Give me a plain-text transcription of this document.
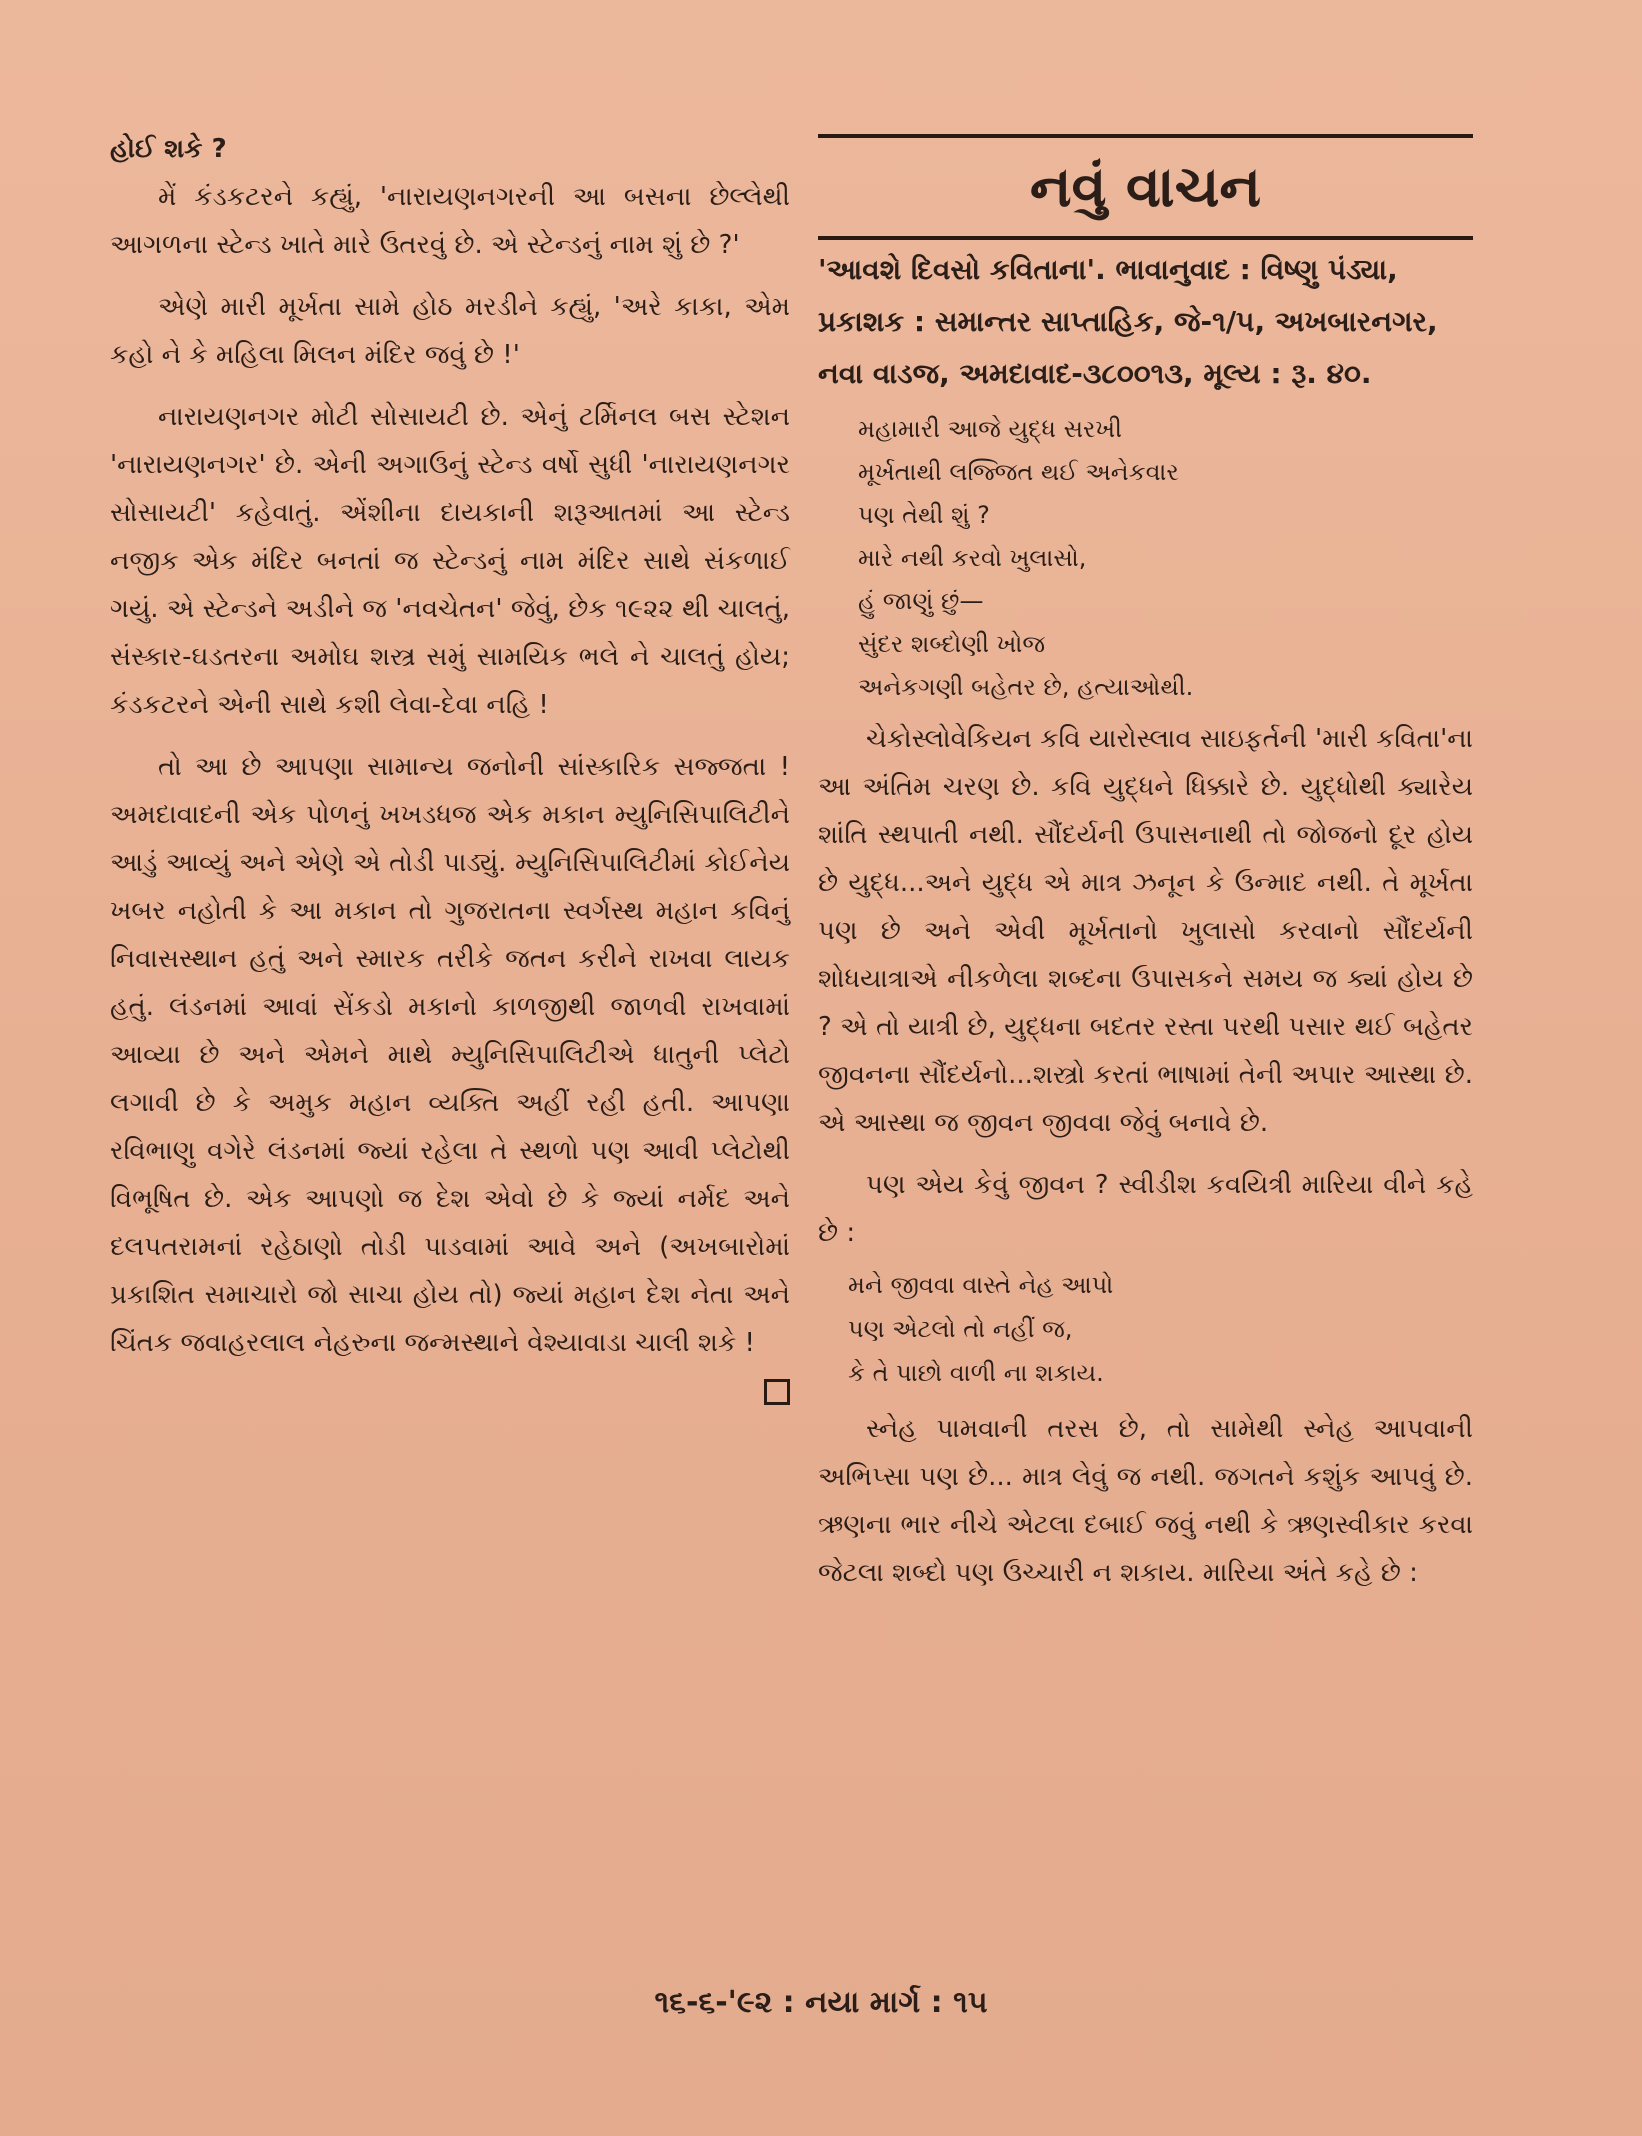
હોઈ શકે ?

મેં કંડકટરને કહ્યું, 'નારાયણનગરની આ બસના છેલ્લેથી આગળના સ્ટેન્ડ ખાતે મારે ઉતરવું છે. એ સ્ટેન્ડનું નામ શું છે ?'

એણે મારી મૂર્ખતા સામે હોઠ મરડીને કહ્યું, 'અરે કાકા, એમ કહો ને કે મહિલા મિલન મંદિર જવું છે !'

નારાયણનગર મોટી સોસાયટી છે. એનું ટર્મિનલ બસ સ્ટેશન 'નારાયણનગર' છે. એની અગાઉનું સ્ટેન્ડ વર્ષો સુધી 'નારાયણનગર સોસાયટી' કહેવાતું. એંશીના દાયકાની શરૂઆતમાં આ સ્ટેન્ડ નજીક એક મંદિર બનતાં જ સ્ટેન્ડનું નામ મંદિર સાથે સંકળાઈ ગયું. એ સ્ટેન્ડને અડીને જ 'નવચેતન' જેવું, છેક ૧૯૨૨ થી ચાલતું, સંસ્કાર-ઘડતરના અમોઘ શસ્ત્ર સમું સામયિક ભલે ને ચાલતું હોય; કંડકટરને એની સાથે કશી લેવા-દેવા નહિ !

તો આ છે આપણા સામાન્ય જનોની સાંસ્કારિક સજ્જતા ! અમદાવાદની એક પોળનું ખખડધજ એક મકાન મ્યુનિસિપાલિટીને આડું આવ્યું અને એણે એ તોડી પાડ્યું. મ્યુનિસિપાલિટીમાં કોઈનેય ખબર નહોતી કે આ મકાન તો ગુજરાતના સ્વર્ગસ્થ મહાન કવિનું નિવાસસ્થાન હતું અને સ્મારક તરીકે જતન કરીને રાખવા લાયક હતું. લંડનમાં આવાં સેંકડો મકાનો કાળજીથી જાળવી રાખવામાં આવ્યા છે અને એમને માથે મ્યુનિસિપાલિટીએ ધાતુની પ્લેટો લગાવી છે કે અમુક મહાન વ્યક્તિ અહીં રહી હતી. આપણા રવિભાણુ વગેરે લંડનમાં જ્યાં રહેલા તે સ્થળો પણ આવી પ્લેટોથી વિભૂષિત છે. એક આપણો જ દેશ એવો છે કે જ્યાં નર્મદ અને દલપતરામનાં રહેઠાણો તોડી પાડવામાં આવે અને (અખબારોમાં પ્રકાશિત સમાચારો જો સાચા હોય તો) જ્યાં મહાન દેશ નેતા અને ચિંતક જવાહરલાલ નેહરુના જન્મસ્થાને વેશ્યાવાડા ચાલી શકે !

નવું વાચન

'આવશે દિવસો કવિતાના'. ભાવાનુવાદ : વિષ્ણુ પંડ્યા, પ્રકાશક : સમાન્તર સાપ્તાહિક, જે-૧/૫, અખબારનગર, નવા વાડજ, અમદાવાદ-૩૮૦૦૧૩, મૂલ્ય : રૂ. ૪૦.

મહામારી આજે યુદ્ધ સરખી
મૂર્ખતાથી લજ્જિત થઈ અનેકવાર
પણ તેથી શું ?
મારે નથી કરવો ખુલાસો,
હું જાણું છું—
સુંદર શબ્દોણી ખોજ
અનેકગણી બહેતર છે, હત્યાઓથી.

ચેકોસ્લોવેકિયન કવિ યારોસ્લાવ સાઇફર્તની 'મારી કવિતા'ના આ અંતિમ ચરણ છે. કવિ યુદ્ધને ધિક્કારે છે. યુદ્ધોથી ક્યારેય શાંતિ સ્થપાતી નથી. સૌંદર્યની ઉપાસનાથી તો જોજનો દૂર હોય છે યુદ્ધ...અને યુદ્ધ એ માત્ર ઝનૂન કે ઉન્માદ નથી. તે મૂર્ખતા પણ છે અને એવી મૂર્ખતાનો ખુલાસો કરવાનો સૌંદર્યની શોધયાત્રાએ નીકળેલા શબ્દના ઉપાસકને સમય જ ક્યાં હોય છે ? એ તો યાત્રી છે, યુદ્ધના બદતર રસ્તા પરથી પસાર થઈ બહેતર જીવનના સૌંદર્યનો...શસ્ત્રો કરતાં ભાષામાં તેની અપાર આસ્થા છે. એ આસ્થા જ જીવન જીવવા જેવું બનાવે છે.

પણ એય કેવું જીવન ? સ્વીડીશ કવયિત્રી મારિયા વીને કહે છે :

મને જીવવા વાસ્તે નેહ આપો
પણ એટલો તો નહીં જ,
કે તે પાછો વાળી ના શકાય.

સ્નેહ પામવાની તરસ છે, તો સામેથી સ્નેહ આપવાની અભિપ્સા પણ છે... માત્ર લેવું જ નથી. જગતને કશુંક આપવું છે. ઋણના ભાર નીચે એટલા દબાઈ જવું નથી કે ઋણસ્વીકાર કરવા જેટલા શબ્દો પણ ઉચ્ચારી ન શકાય. મારિયા અંતે કહે છે :

૧૬-૬-'૯૨ : નયા માર્ગ : ૧૫
